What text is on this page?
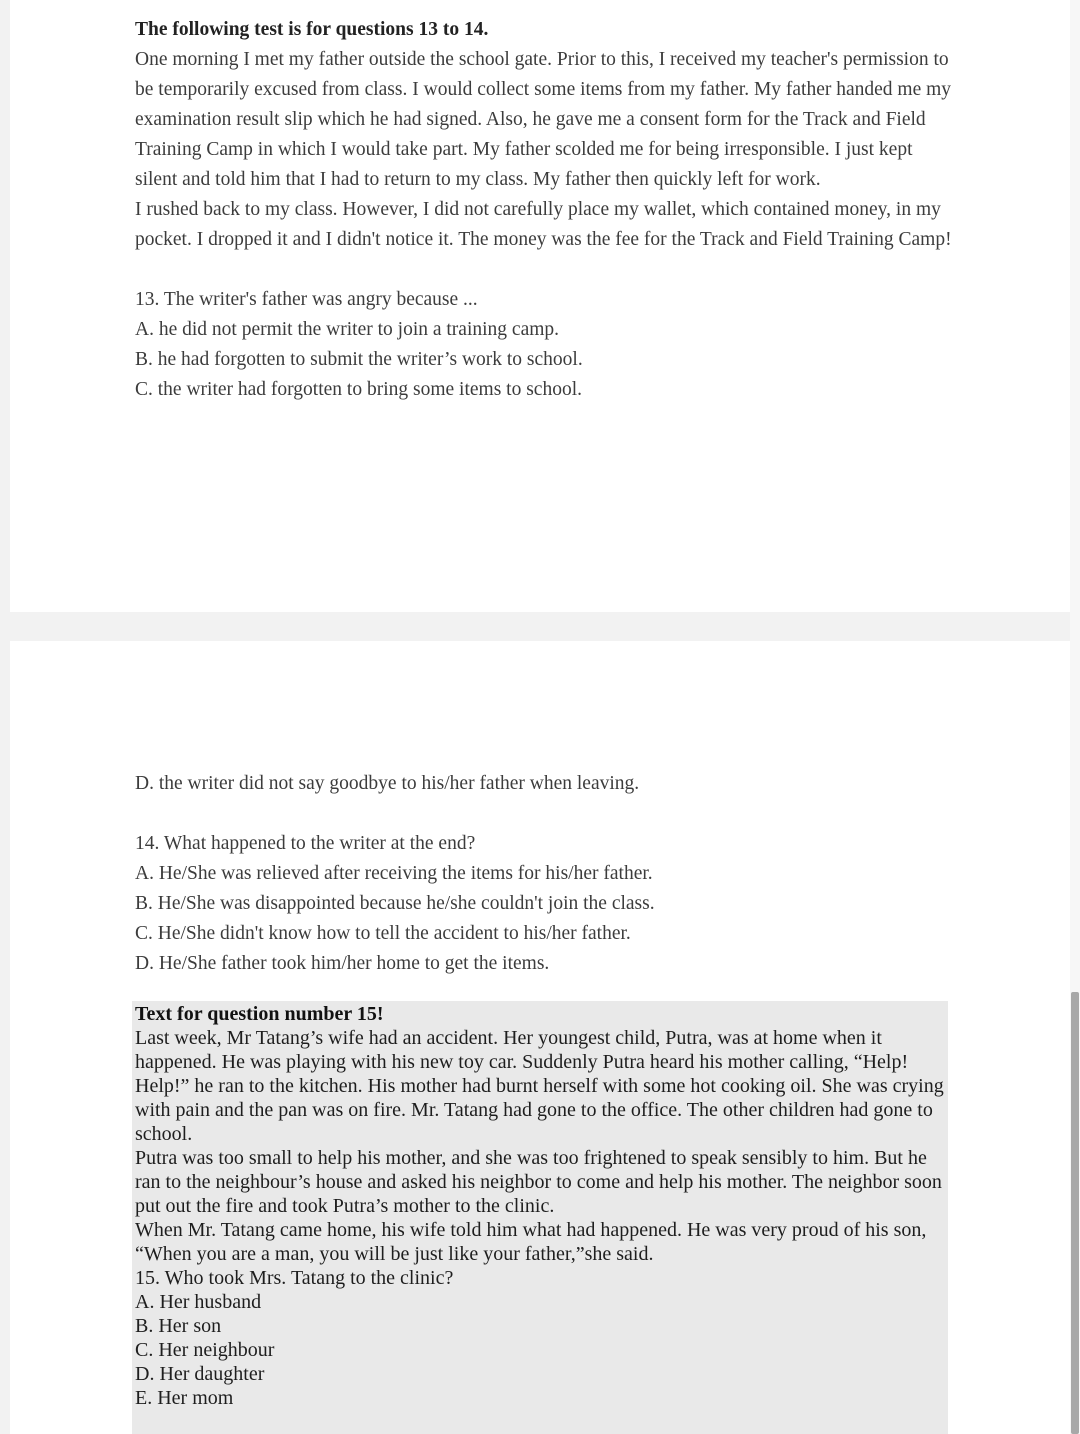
The following test is for questions 13 to 14.

One morning I met my father outside the school gate. Prior to this, I received my teacher's permission to be temporarily excused from class. I would collect some items from my father. My father handed me my examination result slip which he had signed. Also, he gave me a consent form for the Track and Field Training Camp in which I would take part. My father scolded me for being irresponsible. I just kept silent and told him that I had to return to my class. My father then quickly left for work.

I rushed back to my class. However, I did not carefully place my wallet, which contained money, in my pocket. I dropped it and I didn't notice it. The money was the fee for the Track and Field Training Camp!

13. The writer's father was angry because ...

A. he did not permit the writer to join a training camp.

B. he had forgotten to submit the writer’s work to school.

C. the writer had forgotten to bring some items to school.

D. the writer did not say goodbye to his/her father when leaving.

14. What happened to the writer at the end?

A. He/She was relieved after receiving the items for his/her father.

B. He/She was disappointed because he/she couldn't join the class.

C. He/She didn't know how to tell the accident to his/her father.

D. He/She father took him/her home to get the items.

Text for question number 15!

Last week, Mr Tatang’s wife had an accident. Her youngest child, Putra, was at home when it happened. He was playing with his new toy car. Suddenly Putra heard his mother calling, “Help! Help!” he ran to the kitchen. His mother had burnt herself with some hot cooking oil. She was crying with pain and the pan was on fire. Mr. Tatang had gone to the office. The other children had gone to school.

Putra was too small to help his mother, and she was too frightened to speak sensibly to him. But he ran to the neighbour’s house and asked his neighbor to come and help his mother. The neighbor soon put out the fire and took Putra’s mother to the clinic.

When Mr. Tatang came home, his wife told him what had happened. He was very proud of his son, “When you are a man, you will be just like your father,”she said.

15. Who took Mrs. Tatang to the clinic?

A. Her husband

B. Her son

C. Her neighbour

D. Her daughter

E. Her mom
